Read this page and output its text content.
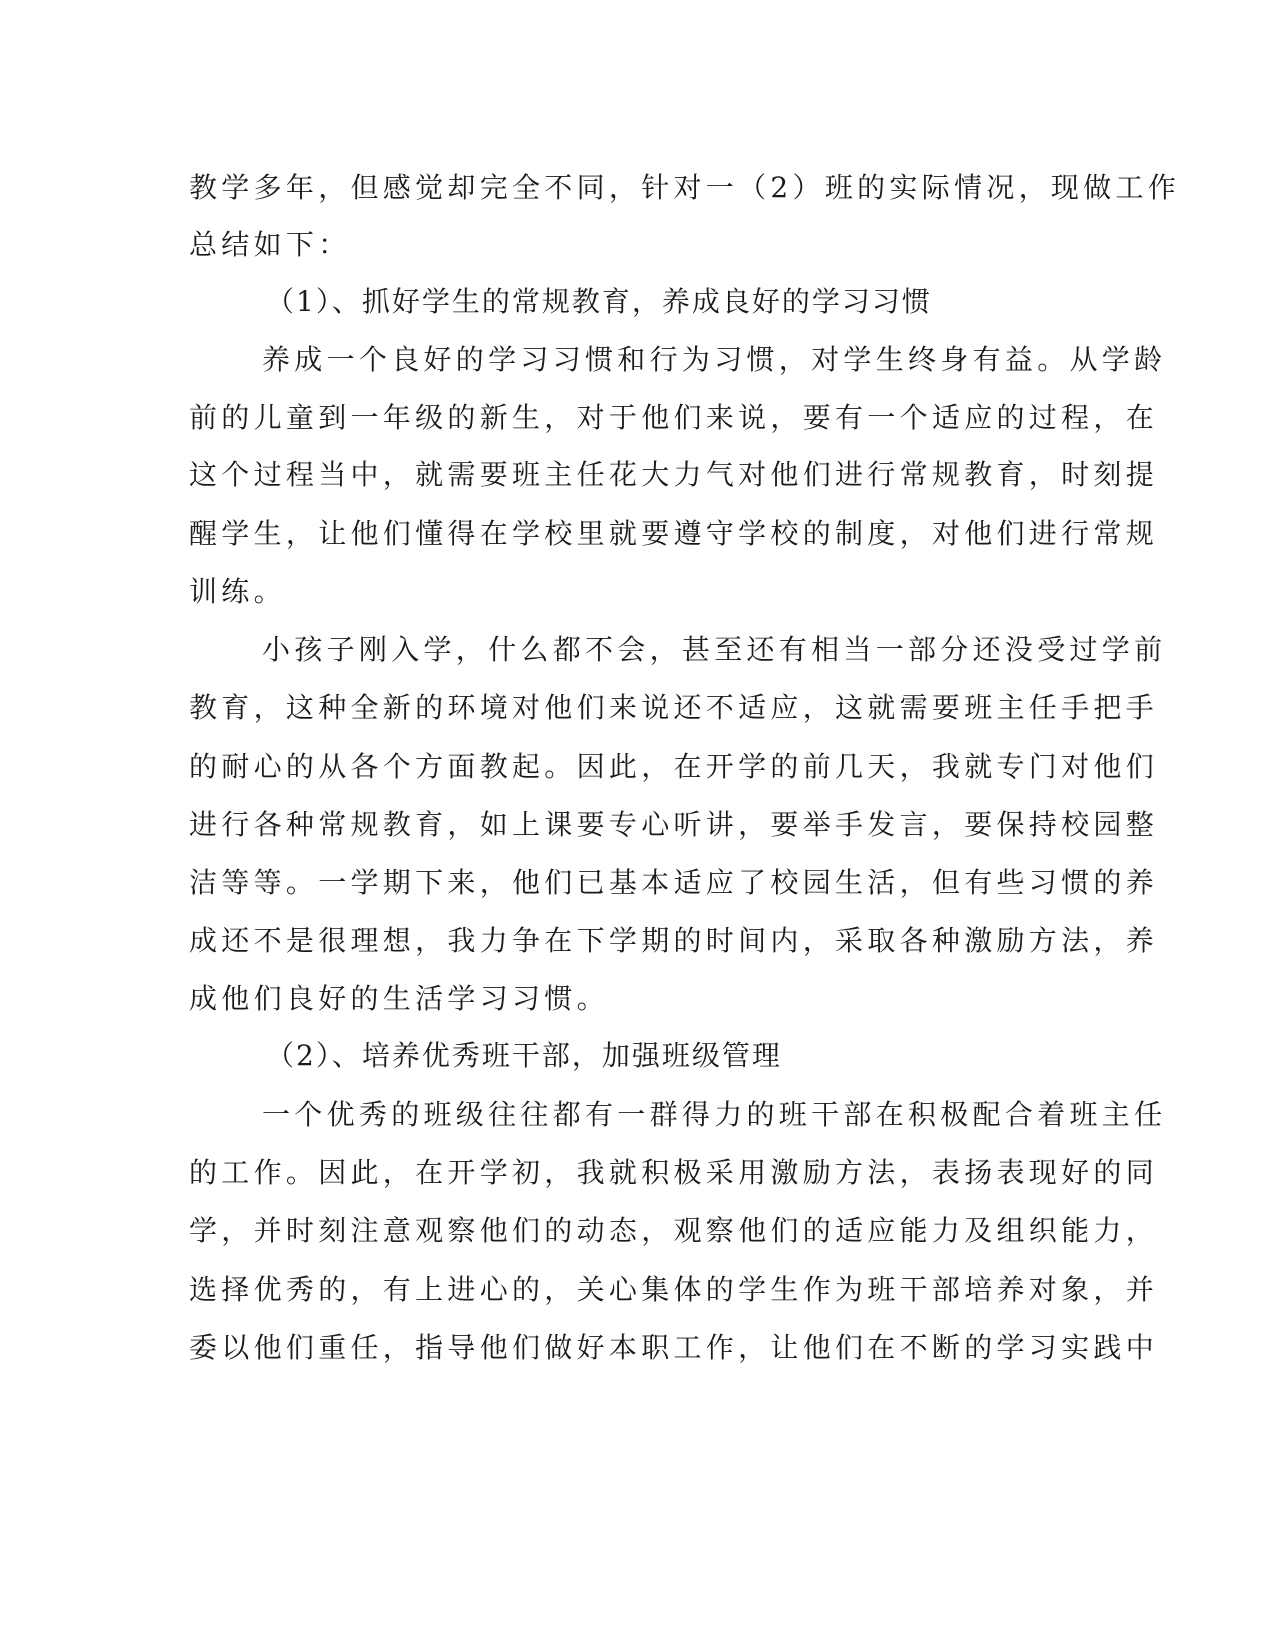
教学多年，但感觉却完全不同，针对一（2）班的实际情况，现做工作
总结如下：
（1）、抓好学生的常规教育，养成良好的学习习惯
养成一个良好的学习习惯和行为习惯，对学生终身有益。从学龄
前的儿童到一年级的新生，对于他们来说，要有一个适应的过程，在
这个过程当中，就需要班主任花大力气对他们进行常规教育，时刻提
醒学生，让他们懂得在学校里就要遵守学校的制度，对他们进行常规
训练。
小孩子刚入学，什么都不会，甚至还有相当一部分还没受过学前
教育，这种全新的环境对他们来说还不适应，这就需要班主任手把手
的耐心的从各个方面教起。因此，在开学的前几天，我就专门对他们
进行各种常规教育，如上课要专心听讲，要举手发言，要保持校园整
洁等等。一学期下来，他们已基本适应了校园生活，但有些习惯的养
成还不是很理想，我力争在下学期的时间内，采取各种激励方法，养
成他们良好的生活学习习惯。
（2）、培养优秀班干部，加强班级管理
一个优秀的班级往往都有一群得力的班干部在积极配合着班主任
的工作。因此，在开学初，我就积极采用激励方法，表扬表现好的同
学，并时刻注意观察他们的动态，观察他们的适应能力及组织能力，
选择优秀的，有上进心的，关心集体的学生作为班干部培养对象，并
委以他们重任，指导他们做好本职工作，让他们在不断的学习实践中
